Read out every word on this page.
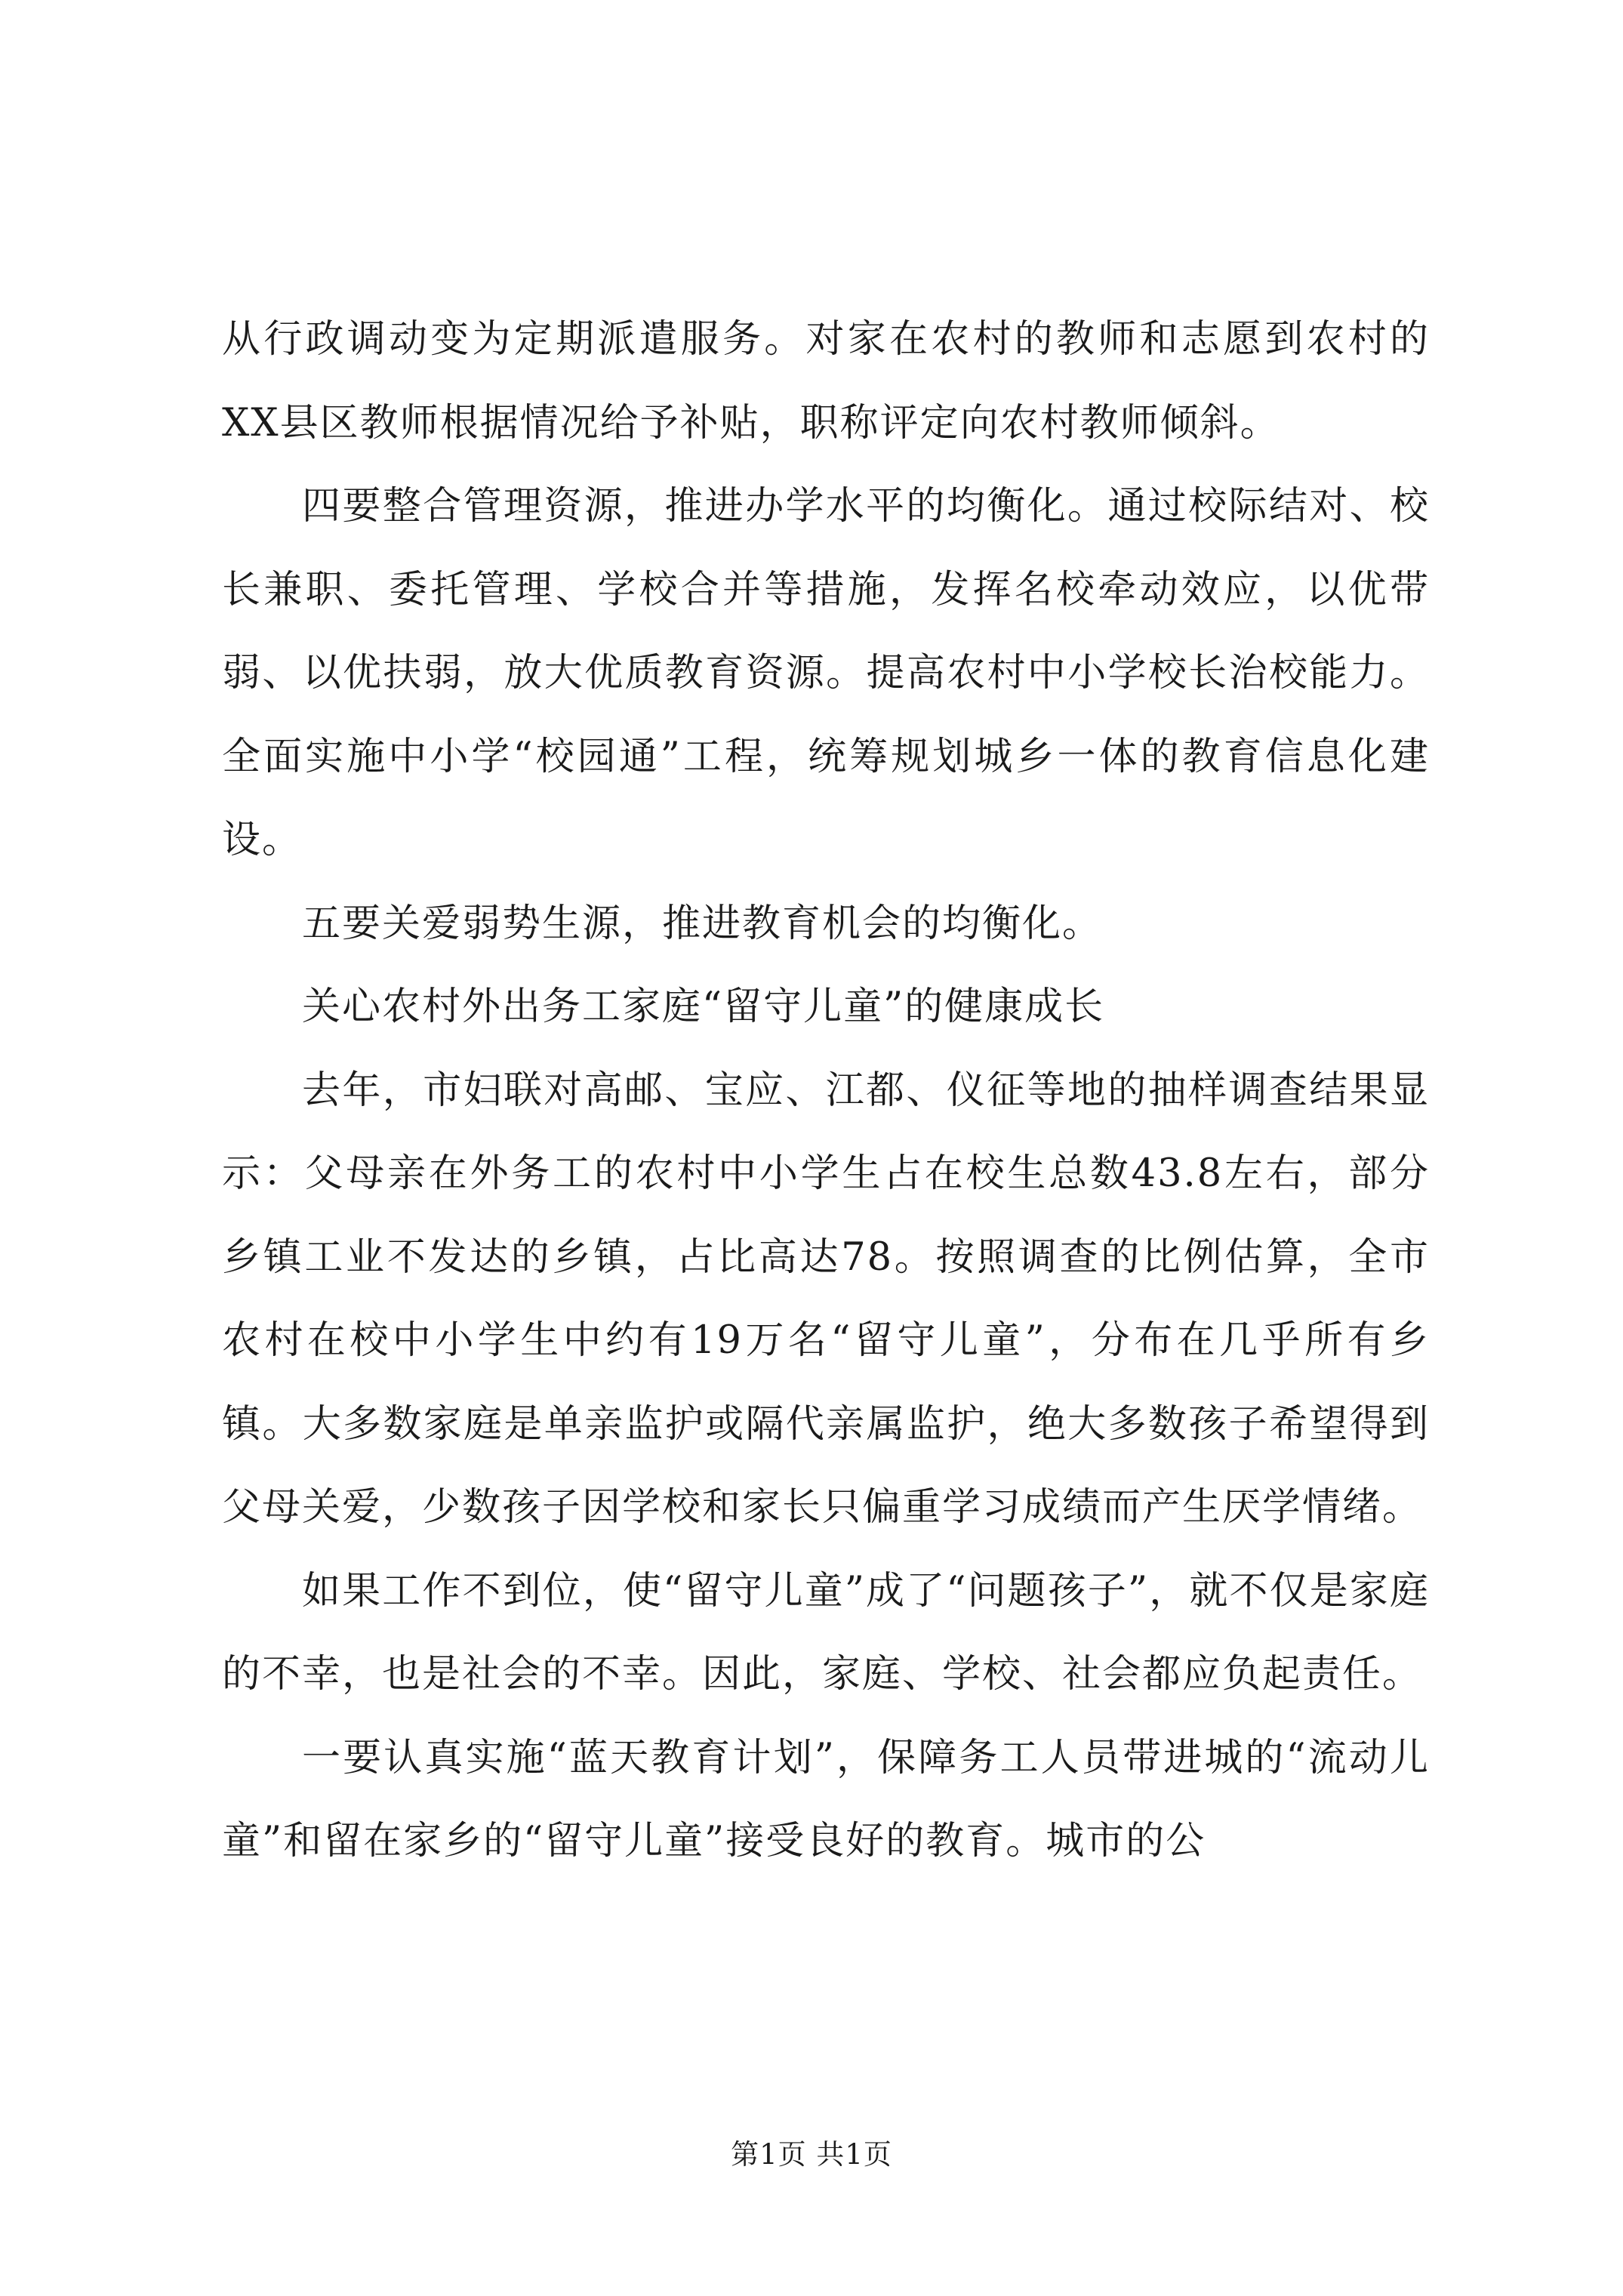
从行政调动变为定期派遣服务。对家在农村的教师和志愿到农村的XX县区教师根据情况给予补贴，职称评定向农村教师倾斜。

四要整合管理资源，推进办学水平的均衡化。通过校际结对、校长兼职、委托管理、学校合并等措施，发挥名校牵动效应，以优带弱、以优扶弱，放大优质教育资源。提高农村中小学校长治校能力。全面实施中小学“校园通”工程，统筹规划城乡一体的教育信息化建设。

五要关爱弱势生源，推进教育机会的均衡化。

关心农村外出务工家庭“留守儿童”的健康成长

去年，市妇联对高邮、宝应、江都、仪征等地的抽样调查结果显示：父母亲在外务工的农村中小学生占在校生总数43.8左右，部分乡镇工业不发达的乡镇，占比高达78。按照调查的比例估算，全市农村在校中小学生中约有19万名“留守儿童”，分布在几乎所有乡镇。大多数家庭是单亲监护或隔代亲属监护，绝大多数孩子希望得到父母关爱，少数孩子因学校和家长只偏重学习成绩而产生厌学情绪。

如果工作不到位，使“留守儿童”成了“问题孩子”，就不仅是家庭的不幸，也是社会的不幸。因此，家庭、学校、社会都应负起责任。

一要认真实施“蓝天教育计划”，保障务工人员带进城的“流动儿童”和留在家乡的“留守儿童”接受良好的教育。城市的公

第1页 共1页
